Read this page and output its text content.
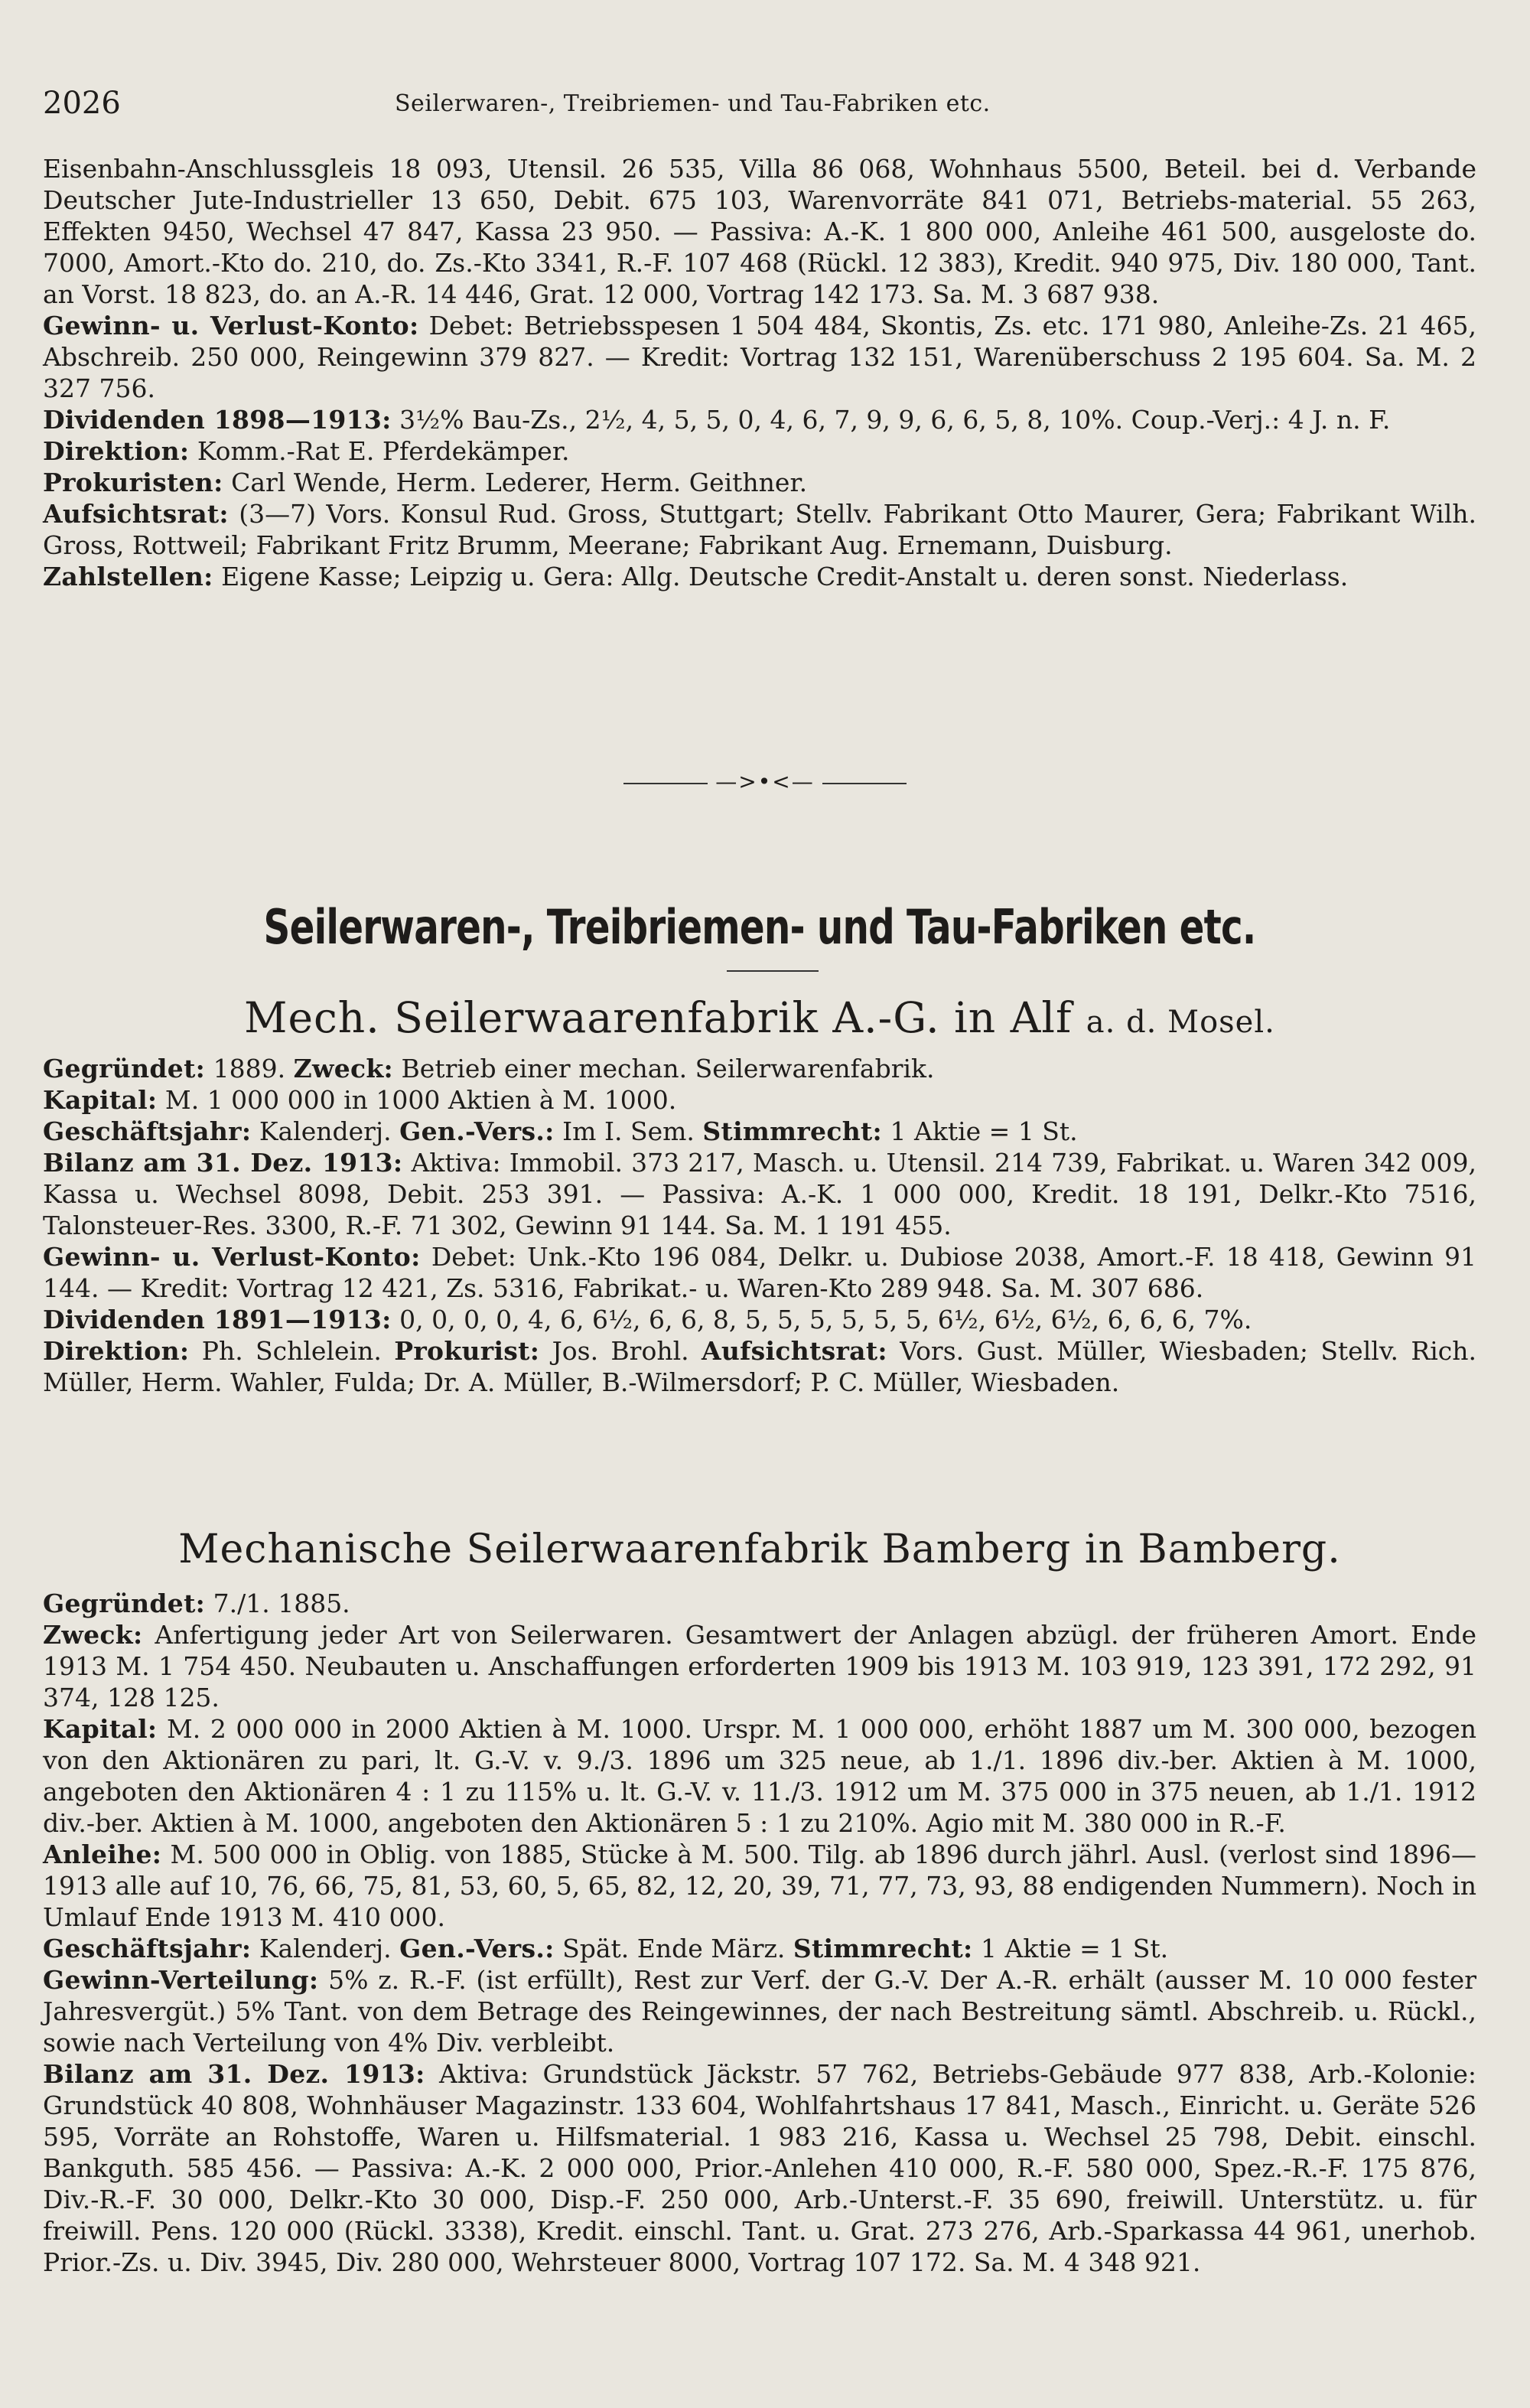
2026	Seilerwaren-, Treibriemen- und Tau-Fabriken etc.

Eisenbahn-Anschlussgleis 18 093, Utensil. 26 535, Villa 86 068, Wohnhaus 5500, Beteil. bei d. Verbande Deutscher Jute-Industrieller 13 650, Debit. 675 103, Warenvorräte 841 071, Betriebs-material. 55 263, Effekten 9450, Wechsel 47 847, Kassa 23 950. — Passiva: A.-K. 1 800 000, Anleihe 461 500, ausgeloste do. 7000, Amort.-Kto do. 210, do. Zs.-Kto 3341, R.-F. 107 468 (Rückl. 12 383), Kredit. 940 975, Div. 180 000, Tant. an Vorst. 18 823, do. an A.-R. 14 446, Grat. 12 000, Vortrag 142 173. Sa. M. 3 687 938.

Gewinn- u. Verlust-Konto: Debet: Betriebsspesen 1 504 484, Skontis, Zs. etc. 171 980, Anleihe-Zs. 21 465, Abschreib. 250 000, Reingewinn 379 827. — Kredit: Vortrag 132 151, Warenüberschuss 2 195 604. Sa. M. 2 327 756.

Dividenden 1898—1913: 3½% Bau-Zs., 2½, 4, 5, 5, 0, 4, 6, 7, 9, 9, 6, 6, 5, 8, 10%. Coup.-Verj.: 4 J. n. F.

Direktion: Komm.-Rat E. Pferdekämper.

Prokuristen: Carl Wende, Herm. Lederer, Herm. Geithner.

Aufsichtsrat: (3—7) Vors. Konsul Rud. Gross, Stuttgart; Stellv. Fabrikant Otto Maurer, Gera; Fabrikant Wilh. Gross, Rottweil; Fabrikant Fritz Brumm, Meerane; Fabrikant Aug. Ernemann, Duisburg.

Zahlstellen: Eigene Kasse; Leipzig u. Gera: Allg. Deutsche Credit-Anstalt u. deren sonst. Niederlass.

—>•<—
Seilerwaren-, Treibriemen- und Tau-Fabriken etc.
Mech. Seilerwaarenfabrik A.-G. in Alf a. d. Mosel.

Gegründet: 1889. Zweck: Betrieb einer mechan. Seilerwarenfabrik.

Kapital: M. 1 000 000 in 1000 Aktien à M. 1000.

Geschäftsjahr: Kalenderj. Gen.-Vers.: Im I. Sem. Stimmrecht: 1 Aktie = 1 St.

Bilanz am 31. Dez. 1913: Aktiva: Immobil. 373 217, Masch. u. Utensil. 214 739, Fabrikat. u. Waren 342 009, Kassa u. Wechsel 8098, Debit. 253 391. — Passiva: A.-K. 1 000 000, Kredit. 18 191, Delkr.-Kto 7516, Talonsteuer-Res. 3300, R.-F. 71 302, Gewinn 91 144. Sa. M. 1 191 455.

Gewinn- u. Verlust-Konto: Debet: Unk.-Kto 196 084, Delkr. u. Dubiose 2038, Amort.-F. 18 418, Gewinn 91 144. — Kredit: Vortrag 12 421, Zs. 5316, Fabrikat.- u. Waren-Kto 289 948. Sa. M. 307 686.

Dividenden 1891—1913: 0, 0, 0, 0, 4, 6, 6½, 6, 6, 8, 5, 5, 5, 5, 5, 5, 6½, 6½, 6½, 6, 6, 6, 7%.

Direktion: Ph. Schlelein. Prokurist: Jos. Brohl. Aufsichtsrat: Vors. Gust. Müller, Wiesbaden; Stellv. Rich. Müller, Herm. Wahler, Fulda; Dr. A. Müller, B.-Wilmersdorf; P. C. Müller, Wiesbaden.

Mechanische Seilerwaarenfabrik Bamberg in Bamberg.

Gegründet: 7./1. 1885.

Zweck: Anfertigung jeder Art von Seilerwaren. Gesamtwert der Anlagen abzügl. der früheren Amort. Ende 1913 M. 1 754 450. Neubauten u. Anschaffungen erforderten 1909 bis 1913 M. 103 919, 123 391, 172 292, 91 374, 128 125.

Kapital: M. 2 000 000 in 2000 Aktien à M. 1000. Urspr. M. 1 000 000, erhöht 1887 um M. 300 000, bezogen von den Aktionären zu pari, lt. G.-V. v. 9./3. 1896 um 325 neue, ab 1./1. 1896 div.-ber. Aktien à M. 1000, angeboten den Aktionären 4 : 1 zu 115% u. lt. G.-V. v. 11./3. 1912 um M. 375 000 in 375 neuen, ab 1./1. 1912 div.-ber. Aktien à M. 1000, angeboten den Aktionären 5 : 1 zu 210%. Agio mit M. 380 000 in R.-F.

Anleihe: M. 500 000 in Oblig. von 1885, Stücke à M. 500. Tilg. ab 1896 durch jährl. Ausl. (verlost sind 1896—1913 alle auf 10, 76, 66, 75, 81, 53, 60, 5, 65, 82, 12, 20, 39, 71, 77, 73, 93, 88 endigenden Nummern). Noch in Umlauf Ende 1913 M. 410 000.

Geschäftsjahr: Kalenderj. Gen.-Vers.: Spät. Ende März. Stimmrecht: 1 Aktie = 1 St.

Gewinn-Verteilung: 5% z. R.-F. (ist erfüllt), Rest zur Verf. der G.-V. Der A.-R. erhält (ausser M. 10 000 fester Jahresvergüt.) 5% Tant. von dem Betrage des Reingewinnes, der nach Bestreitung sämtl. Abschreib. u. Rückl., sowie nach Verteilung von 4% Div. verbleibt.

Bilanz am 31. Dez. 1913: Aktiva: Grundstück Jäckstr. 57 762, Betriebs-Gebäude 977 838, Arb.-Kolonie: Grundstück 40 808, Wohnhäuser Magazinstr. 133 604, Wohlfahrtshaus 17 841, Masch., Einricht. u. Geräte 526 595, Vorräte an Rohstoffe, Waren u. Hilfsmaterial. 1 983 216, Kassa u. Wechsel 25 798, Debit. einschl. Bankguth. 585 456. — Passiva: A.-K. 2 000 000, Prior.-Anlehen 410 000, R.-F. 580 000, Spez.-R.-F. 175 876, Div.-R.-F. 30 000, Delkr.-Kto 30 000, Disp.-F. 250 000, Arb.-Unterst.-F. 35 690, freiwill. Unterstütz. u. für freiwill. Pens. 120 000 (Rückl. 3338), Kredit. einschl. Tant. u. Grat. 273 276, Arb.-Sparkassa 44 961, unerhob. Prior.-Zs. u. Div. 3945, Div. 280 000, Wehrsteuer 8000, Vortrag 107 172. Sa. M. 4 348 921.
